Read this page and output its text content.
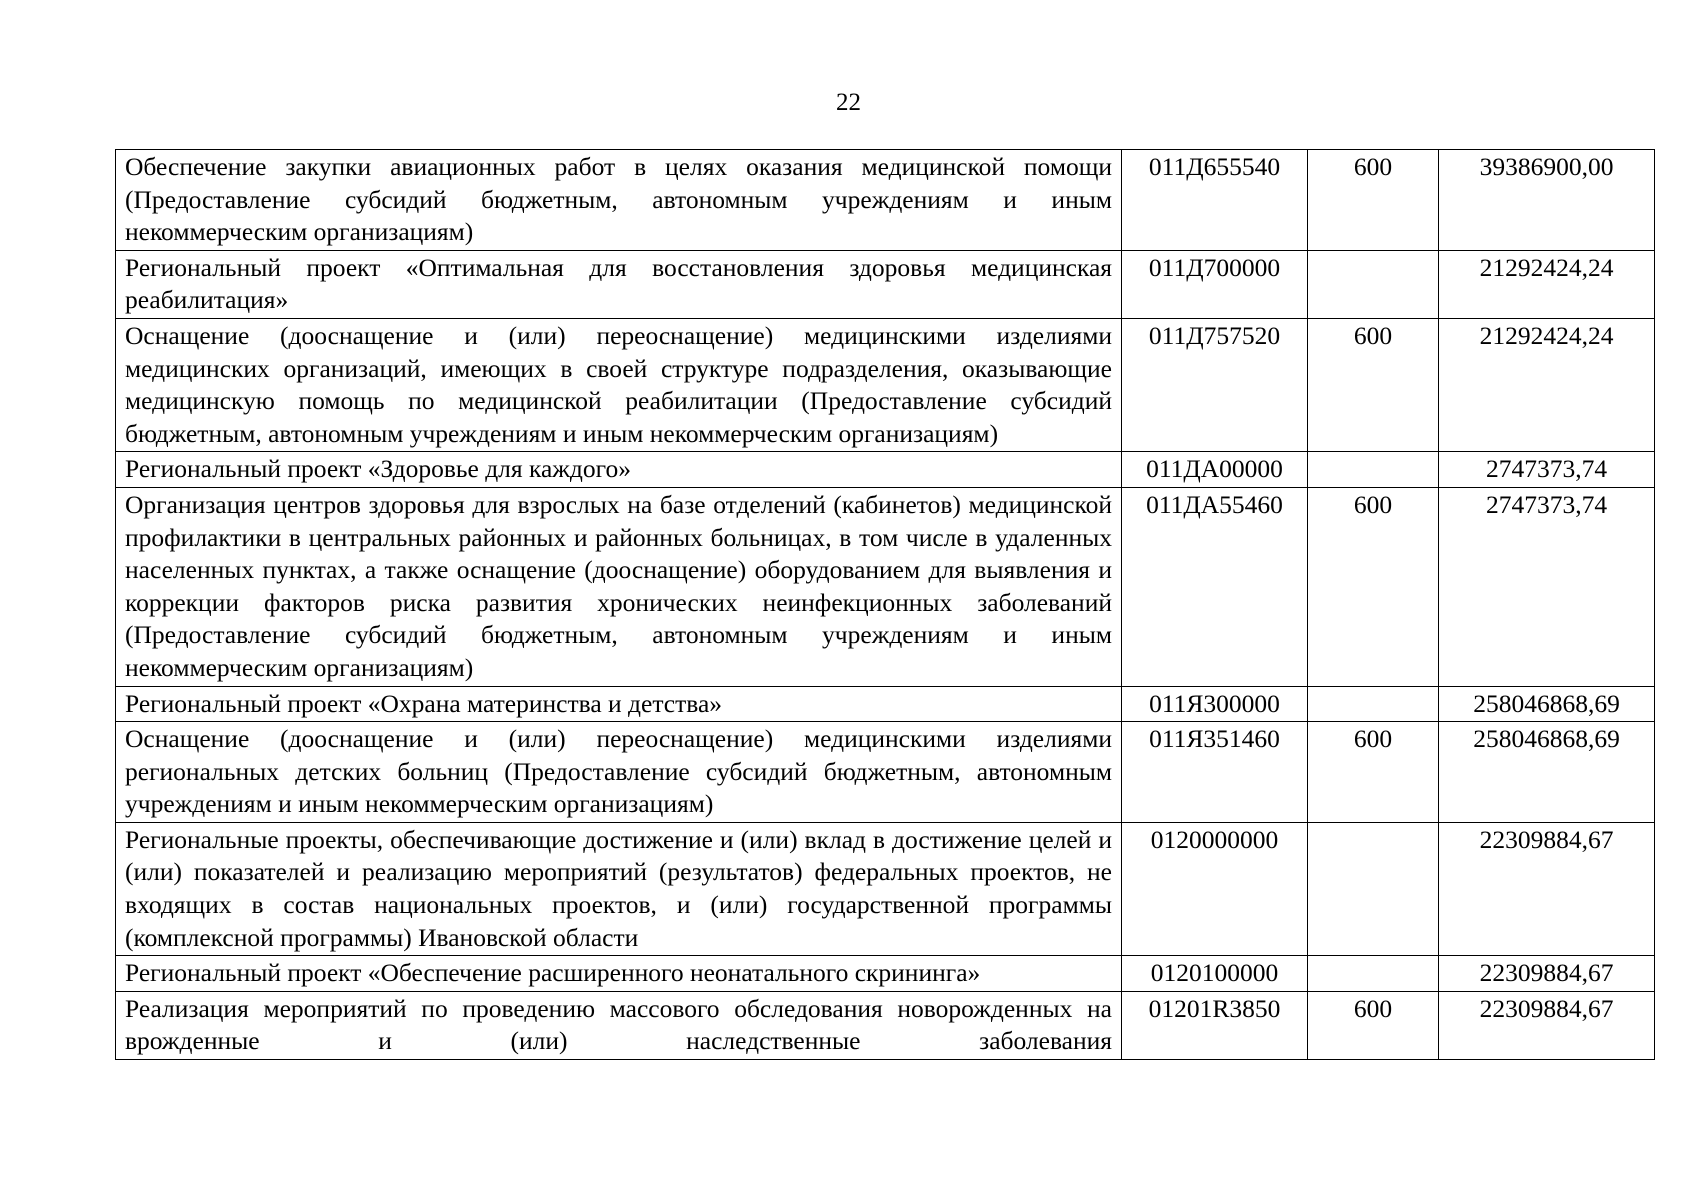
22
Обеспечение закупки авиационных работ в целях оказания медицинской помощи (Предоставление субсидий бюджетным, автономным учреждениям и иным некоммерческим организациям)	011Д655540	600	39386900,00
Региональный проект «Оптимальная для восстановления здоровья медицинская реабилитация»	011Д700000		21292424,24
Оснащение (дооснащение и (или) переоснащение) медицинскими изделиями медицинских организаций, имеющих в своей структуре подразделения, оказывающие медицинскую помощь по медицинской реабилитации (Предоставление субсидий бюджетным, автономным учреждениям и иным некоммерческим организациям)	011Д757520	600	21292424,24
Региональный проект «Здоровье для каждого»	011ДА00000		2747373,74
Организация центров здоровья для взрослых на базе отделений (кабинетов) медицинской профилактики в центральных районных и районных больницах, в том числе в удаленных населенных пунктах, а также оснащение (дооснащение) оборудованием для выявления и коррекции факторов риска развития хронических неинфекционных заболеваний (Предоставление субсидий бюджетным, автономным учреждениям и иным некоммерческим организациям)	011ДА55460	600	2747373,74
Региональный проект «Охрана материнства и детства»	011Я300000		258046868,69
Оснащение (дооснащение и (или) переоснащение) медицинскими изделиями региональных детских больниц (Предоставление субсидий бюджетным, автономным учреждениям и иным некоммерческим организациям)	011Я351460	600	258046868,69
Региональные проекты, обеспечивающие достижение и (или) вклад в достижение целей и (или) показателей и реализацию мероприятий (результатов) федеральных проектов, не входящих в состав национальных проектов, и (или) государственной программы (комплексной программы) Ивановской области	0120000000		22309884,67
Региональный проект «Обеспечение расширенного неонатального скрининга»	0120100000		22309884,67
Реализация мероприятий по проведению массового обследования новорожденных на врожденные и (или) наследственные заболевания	01201R3850	600	22309884,67
